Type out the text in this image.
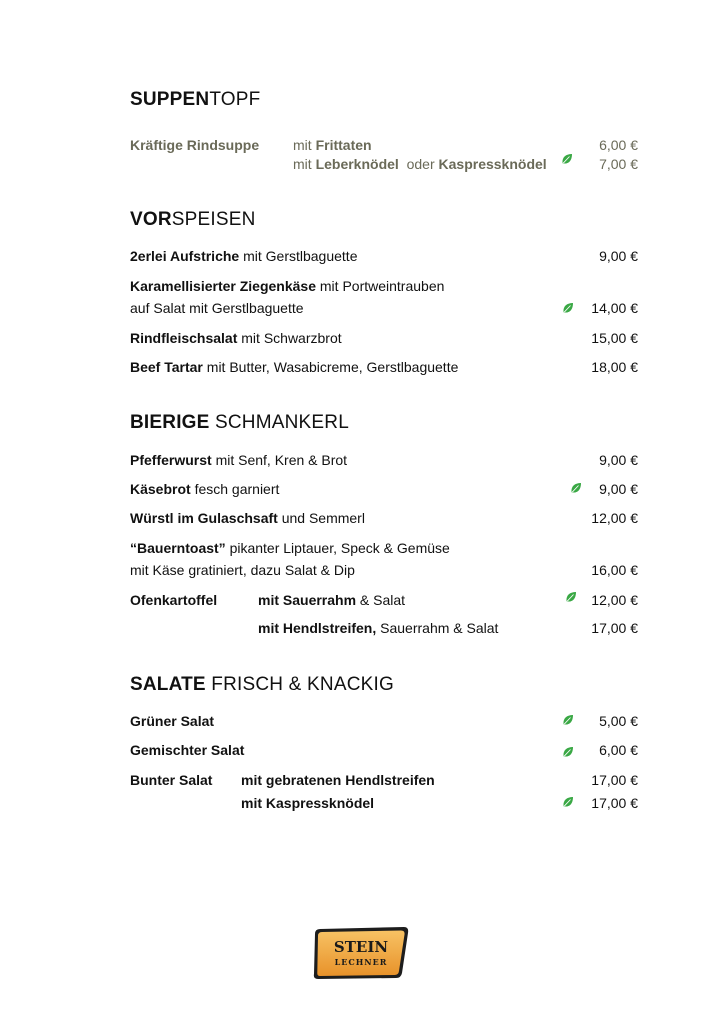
SUPPENTOPF
Kräftige Rindsuppe mit Frittaten	6,00 €
mit Leberknödel  oder Kaspressknödel	7,00 €
VORSPEISEN
2erlei Aufstriche mit Gerstlbaguette	9,00 €
Karamellisierter Ziegenkäse mit Portweintrauben
auf Salat mit Gerstlbaguette	14,00 €
Rindfleischsalat mit Schwarzbrot	15,00 €
Beef Tartar mit Butter, Wasabicreme, Gerstlbaguette	18,00 €
BIERIGE SCHMANKERL
Pfefferwurst mit Senf, Kren & Brot	9,00 €
Käsebrot fesch garniert	9,00 €
Würstl im Gulaschsaft und Semmerl	12,00 €
“Bauerntoast” pikanter Liptauer, Speck & Gemüse
mit Käse gratiniert, dazu Salat & Dip	16,00 €
Ofenkartoffel	mit Sauerrahm & Salat	12,00 €
mit Hendlstreifen, Sauerrahm & Salat	17,00 €
SALATE FRISCH & KNACKIG
Grüner Salat	5,00 €
Gemischter Salat	6,00 €
Bunter Salat mit gebratenen Hendlstreifen	17,00 €
mit Kaspressknödel	17,00 €
STEIN
LECHNER
